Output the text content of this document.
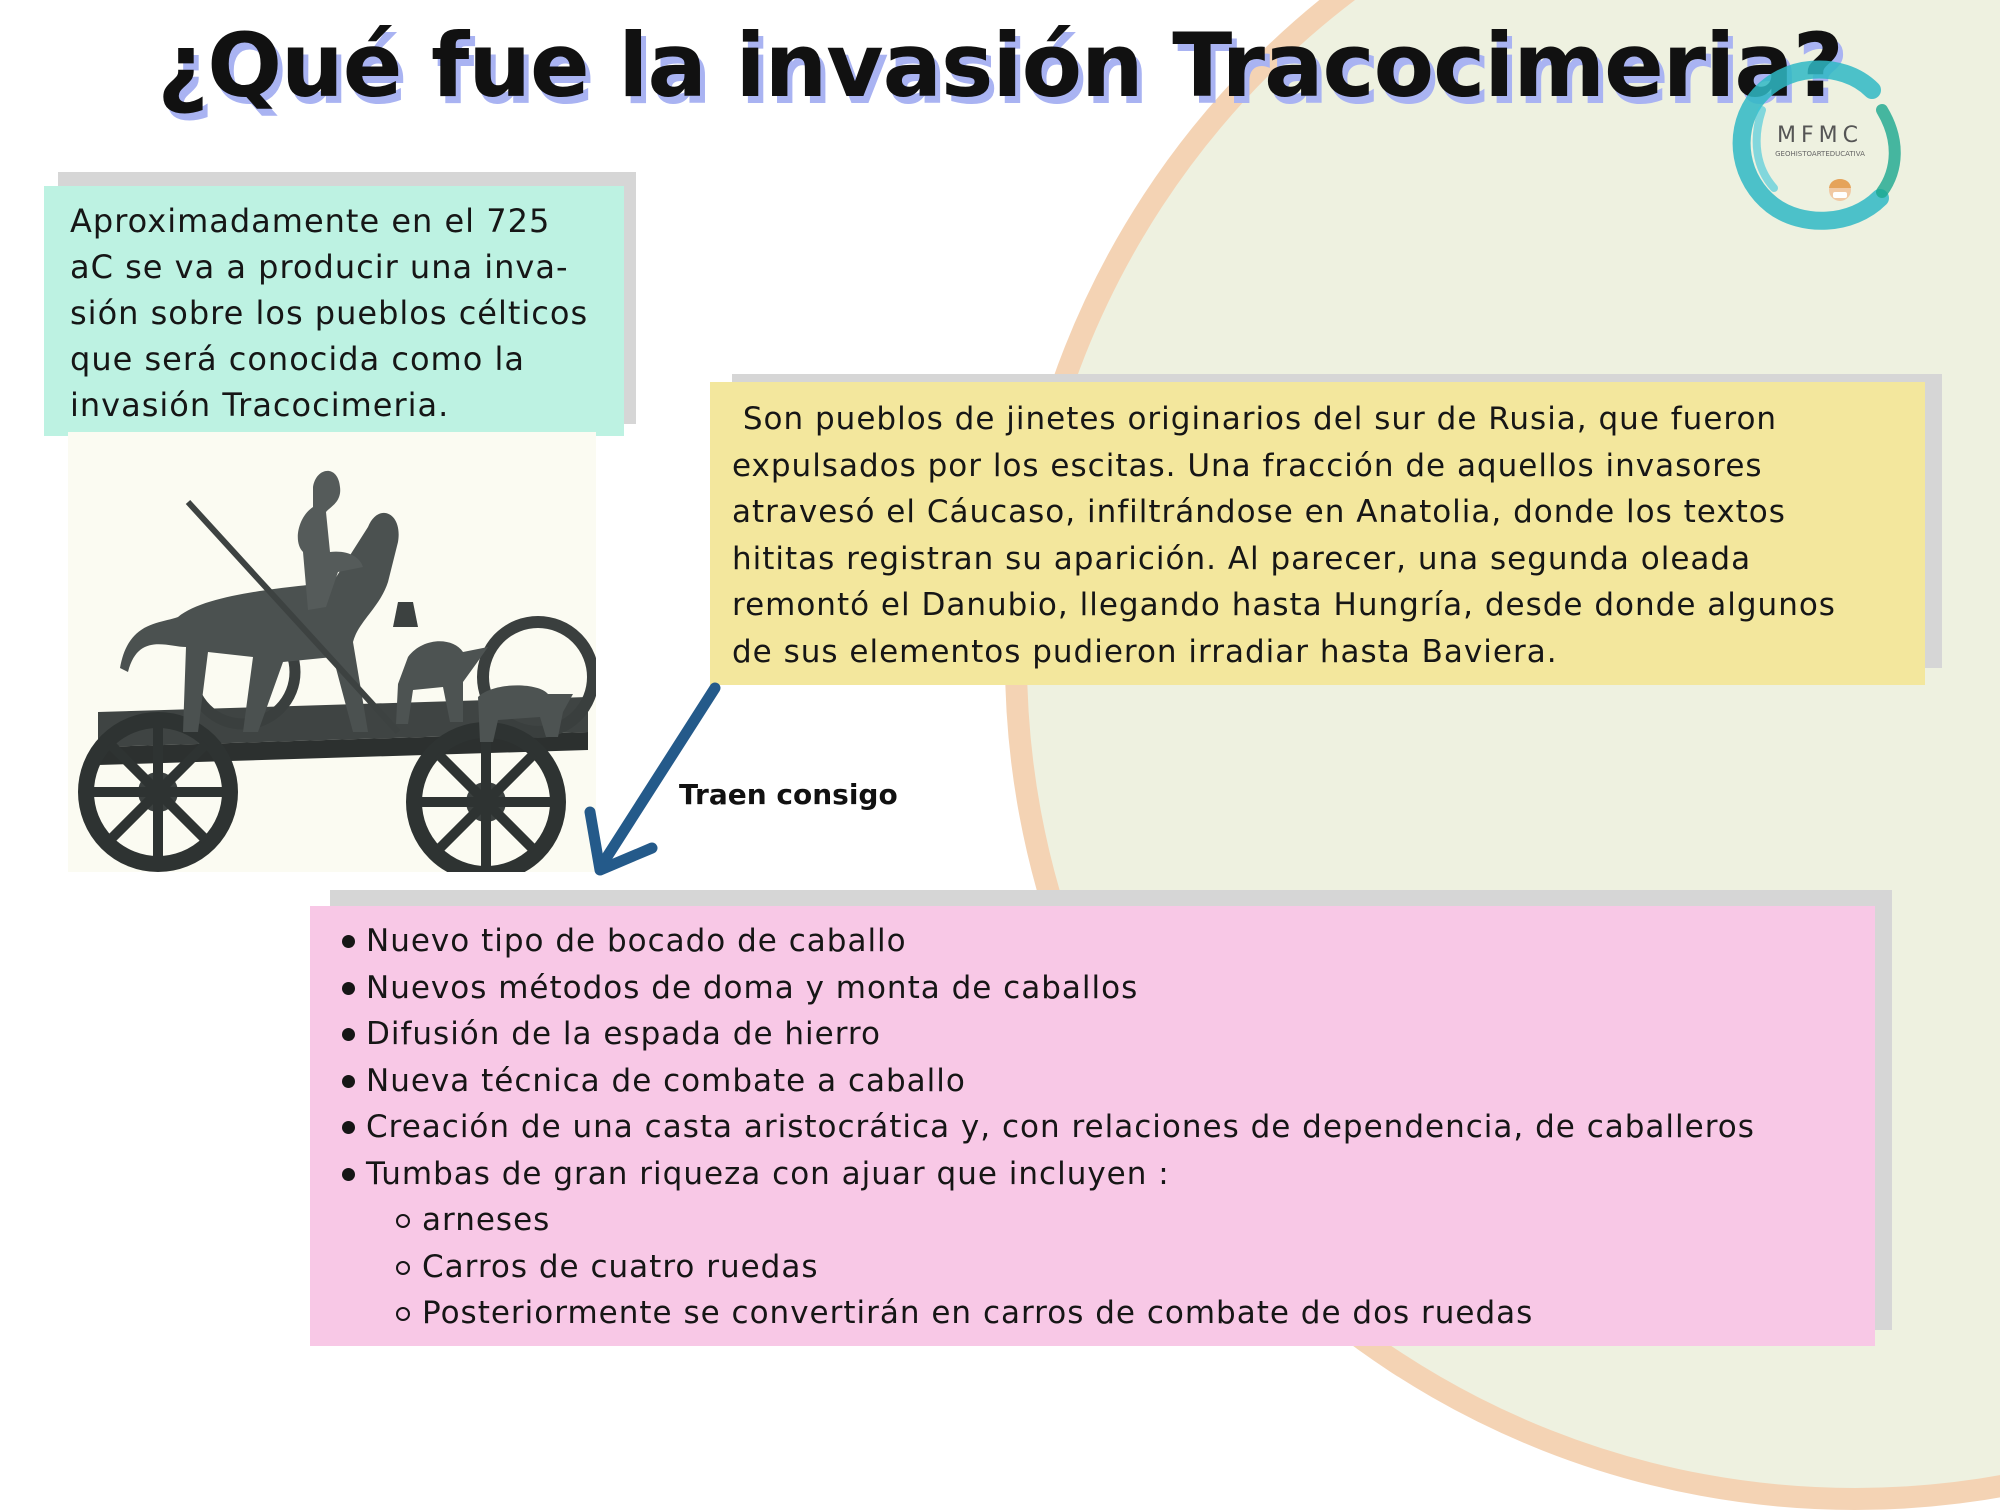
¿Qué fue la invasión Tracocimeria?
MFMC
GEOHISTOARTEDUCATIVA
Aproximadamente en el 725
aC se va a producir una inva-
sión sobre los pueblos célticos
que será conocida como la
invasión Tracocimeria.	Son pueblos de jinetes originarios del sur de Rusia, que fueron
expulsados por los escitas. Una fracción de aquellos invasores
atravesó el Cáucaso, infiltrándose en Anatolia, donde los textos
hititas registran su aparición. Al parecer, una segunda oleada
remontó el Danubio, llegando hasta Hungría, desde donde algunos
de sus elementos pudieron irradiar hasta Baviera.
Traen consigo
Nuevo tipo de bocado de caballo
Nuevos métodos de doma y monta de caballos
Difusión de la espada de hierro
Nueva técnica de combate a caballo
Creación de una casta aristocrática y, con relaciones de dependencia, de caballeros
Tumbas de gran riqueza con ajuar que incluyen :
arneses
Carros de cuatro ruedas
Posteriormente se convertirán en carros de combate de dos ruedas
